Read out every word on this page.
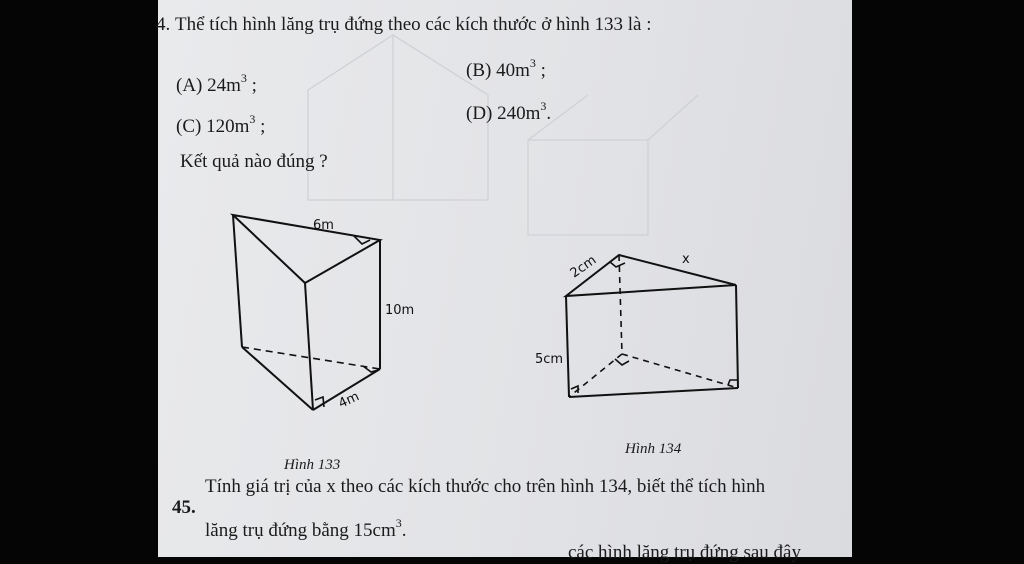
4. Thể tích hình lăng trụ đứng theo các kích thước ở hình 133 là :
(A) $24m^3$ ;
(B) $40m^3$ ;
(C) $120m^3$ ;
(D) $240m^3$.
Kết quả nào đúng ?
6m
10m
4m
Hình 133
2cm	x
5cm
Hình 134
45.
Tính giá trị của x theo các kích thước cho trên hình 134, biết thể tích hình
lăng trụ đứng bằng $15cm^3$.
các hình lăng trụ đứng sau đây
